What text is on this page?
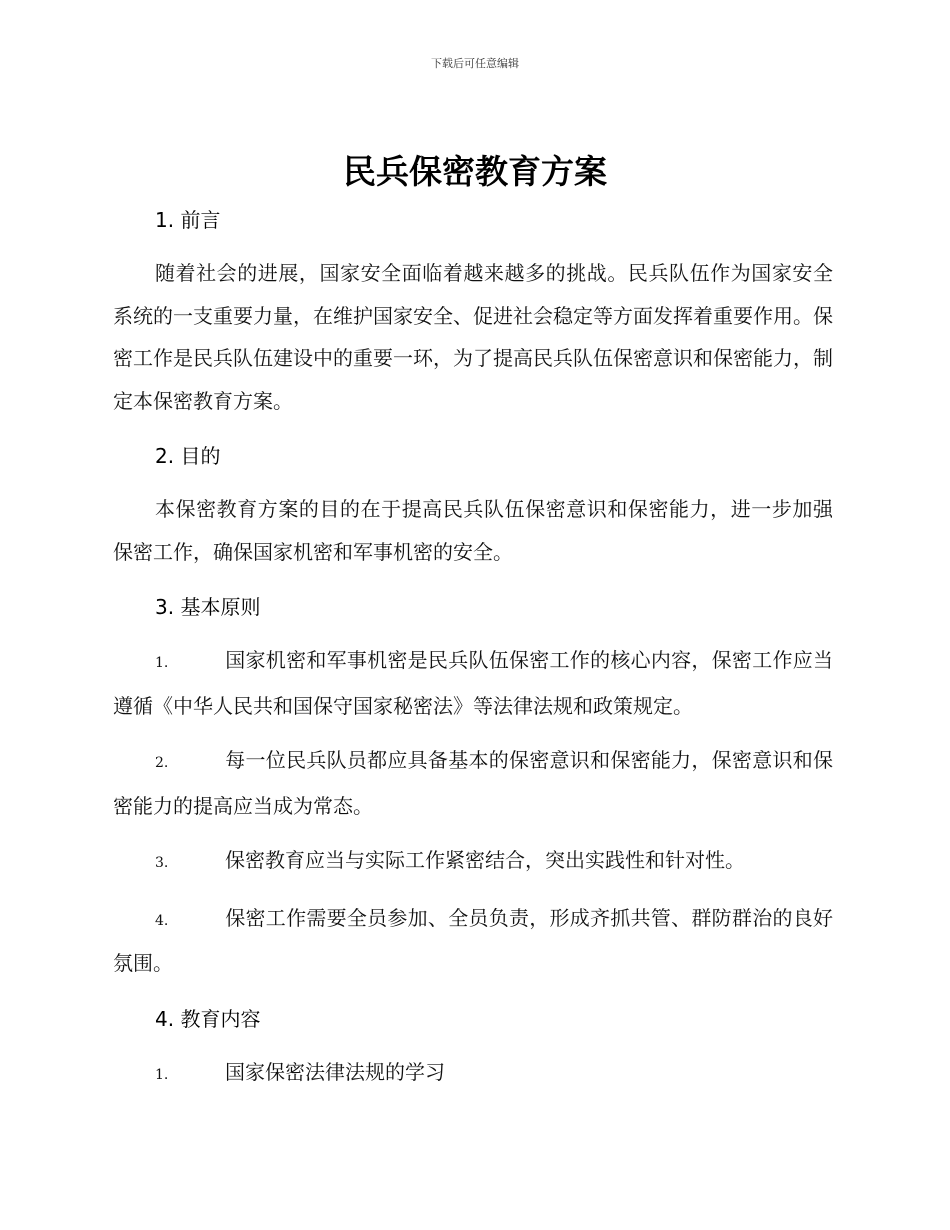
下载后可任意编辑
民兵保密教育方案

1. 前言

随着社会的进展，国家安全面临着越来越多的挑战。民兵队伍作为国家安全系统的一支重要力量，在维护国家安全、促进社会稳定等方面发挥着重要作用。保密工作是民兵队伍建设中的重要一环，为了提高民兵队伍保密意识和保密能力，制定本保密教育方案。

2. 目的

本保密教育方案的目的在于提高民兵队伍保密意识和保密能力，进一步加强保密工作，确保国家机密和军事机密的安全。

3. 基本原则

1.	国家机密和军事机密是民兵队伍保密工作的核心内容，保密工作应当遵循《中华人民共和国保守国家秘密法》等法律法规和政策规定。

2.	每一位民兵队员都应具备基本的保密意识和保密能力，保密意识和保密能力的提高应当成为常态。

3.	保密教育应当与实际工作紧密结合，突出实践性和针对性。

4.	保密工作需要全员参加、全员负责，形成齐抓共管、群防群治的良好氛围。

4. 教育内容

1.	国家保密法律法规的学习
